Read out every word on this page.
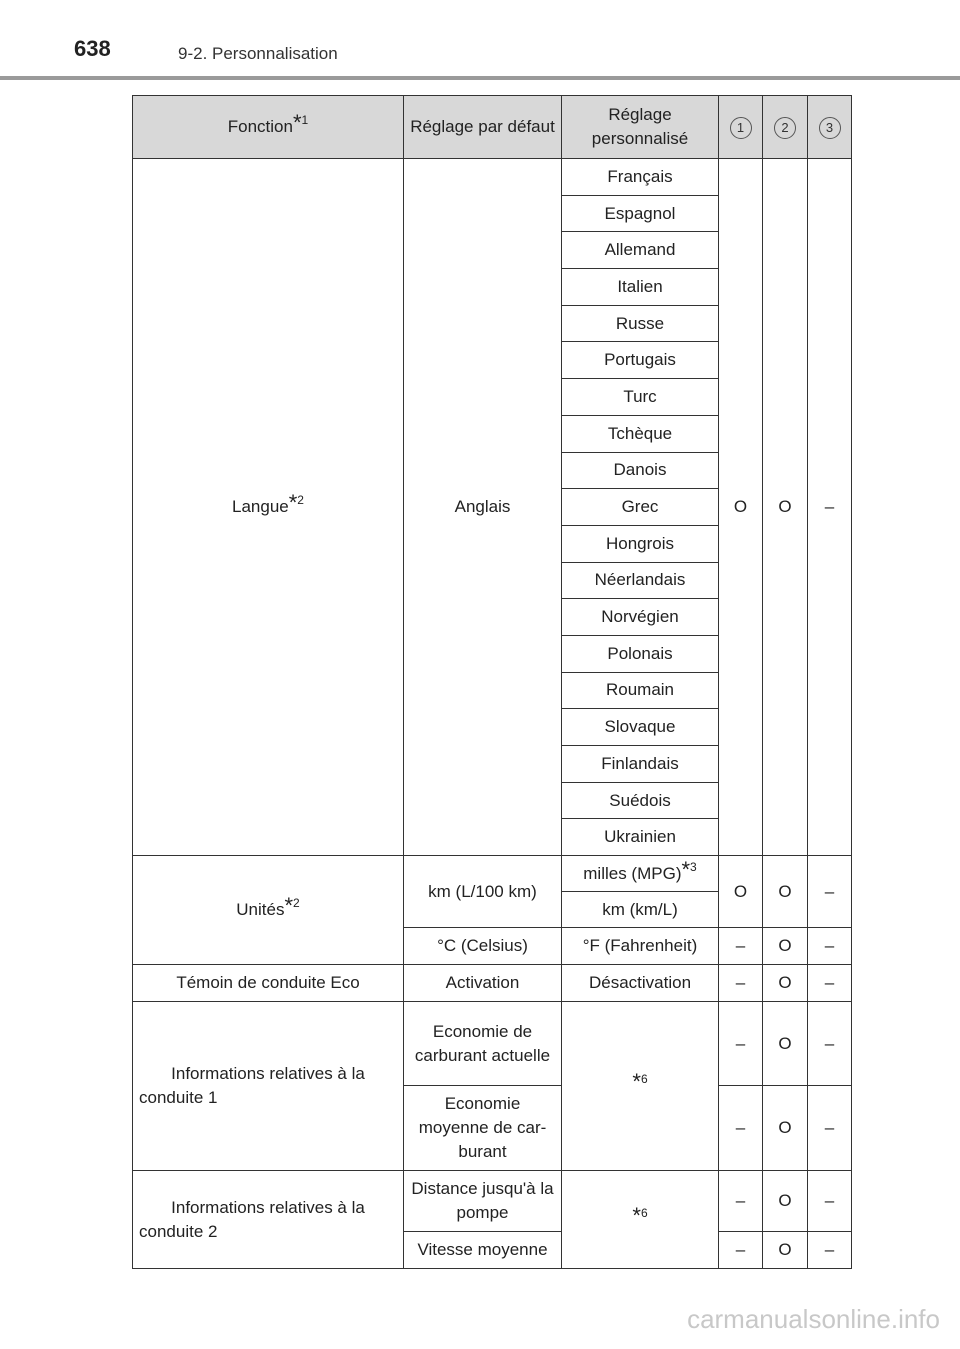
638	9-2. Personnalisation
Fonction$^{*1}$	Réglage par défaut	Réglage personnalisé	1	2	3
Langue$^{*2}$	Anglais	Français	O	O	–
		Espagnol			
		Allemand			
		Italien			
		Russe			
		Portugais			
		Turc			
		Tchèque			
		Danois			
		Grec			
		Hongrois			
		Néerlandais			
		Norvégien			
		Polonais			
		Roumain			
		Slovaque			
		Finlandais			
		Suédois			
		Ukrainien			
Unités$^{*2}$	km (L/100 km)	milles (MPG)$^{*3}$	O	O	–
		km (km/L)			
	°C (Celsius)	°F (Fahrenheit)	–	O	–
Témoin de conduite Eco	Activation	Désactivation	–	O	–
Informations relatives à la conduite 1	Economie de carburant actuelle	$^{*6}$	–	O	–
	Economie moyenne de car-burant		–	O	–
Informations relatives à la conduite 2	Distance jusqu'à la pompe	$^{*6}$	–	O	–
	Vitesse moyenne		–	O	–
carmanualsonline.info
